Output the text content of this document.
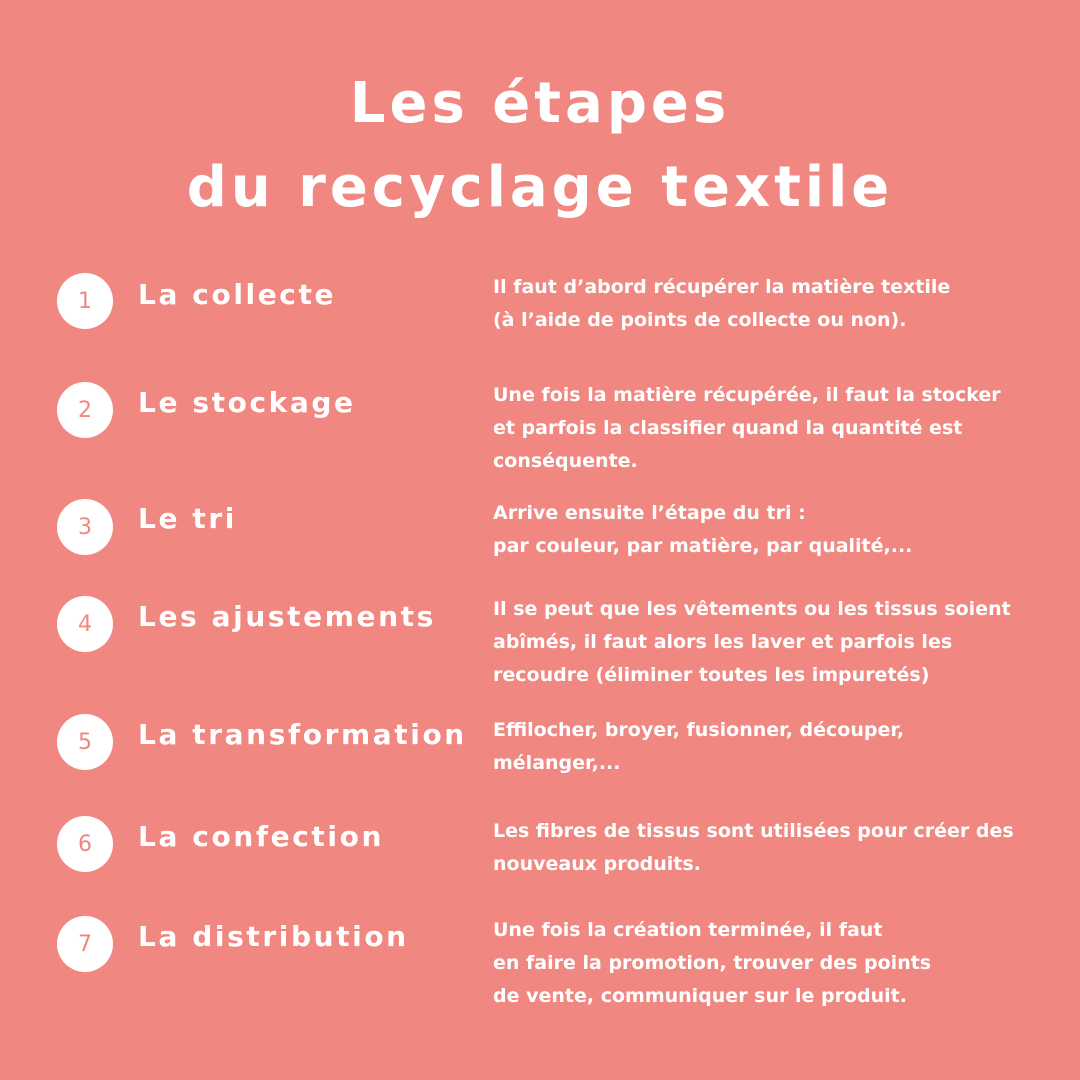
Les étapes
du recyclage textile
1 La collecte	Il faut d’abord récupérer la matière textile
(à l’aide de points de collecte ou non).
2 Le stockage	Une fois la matière récupérée, il faut la stocker
et parfois la classifier quand la quantité est
conséquente.
3 Le tri	Arrive ensuite l’étape du tri :
par couleur, par matière, par qualité,...
4 Les ajustements	Il se peut que les vêtements ou les tissus soient
abîmés, il faut alors les laver et parfois les
recoudre (éliminer toutes les impuretés)
5 La transformation Effilocher, broyer, fusionner, découper,
mélanger,...
6 La confection	Les fibres de tissus sont utilisées pour créer des
nouveaux produits.
7 La distribution	Une fois la création terminée, il faut
en faire la promotion, trouver des points
de vente, communiquer sur le produit.
